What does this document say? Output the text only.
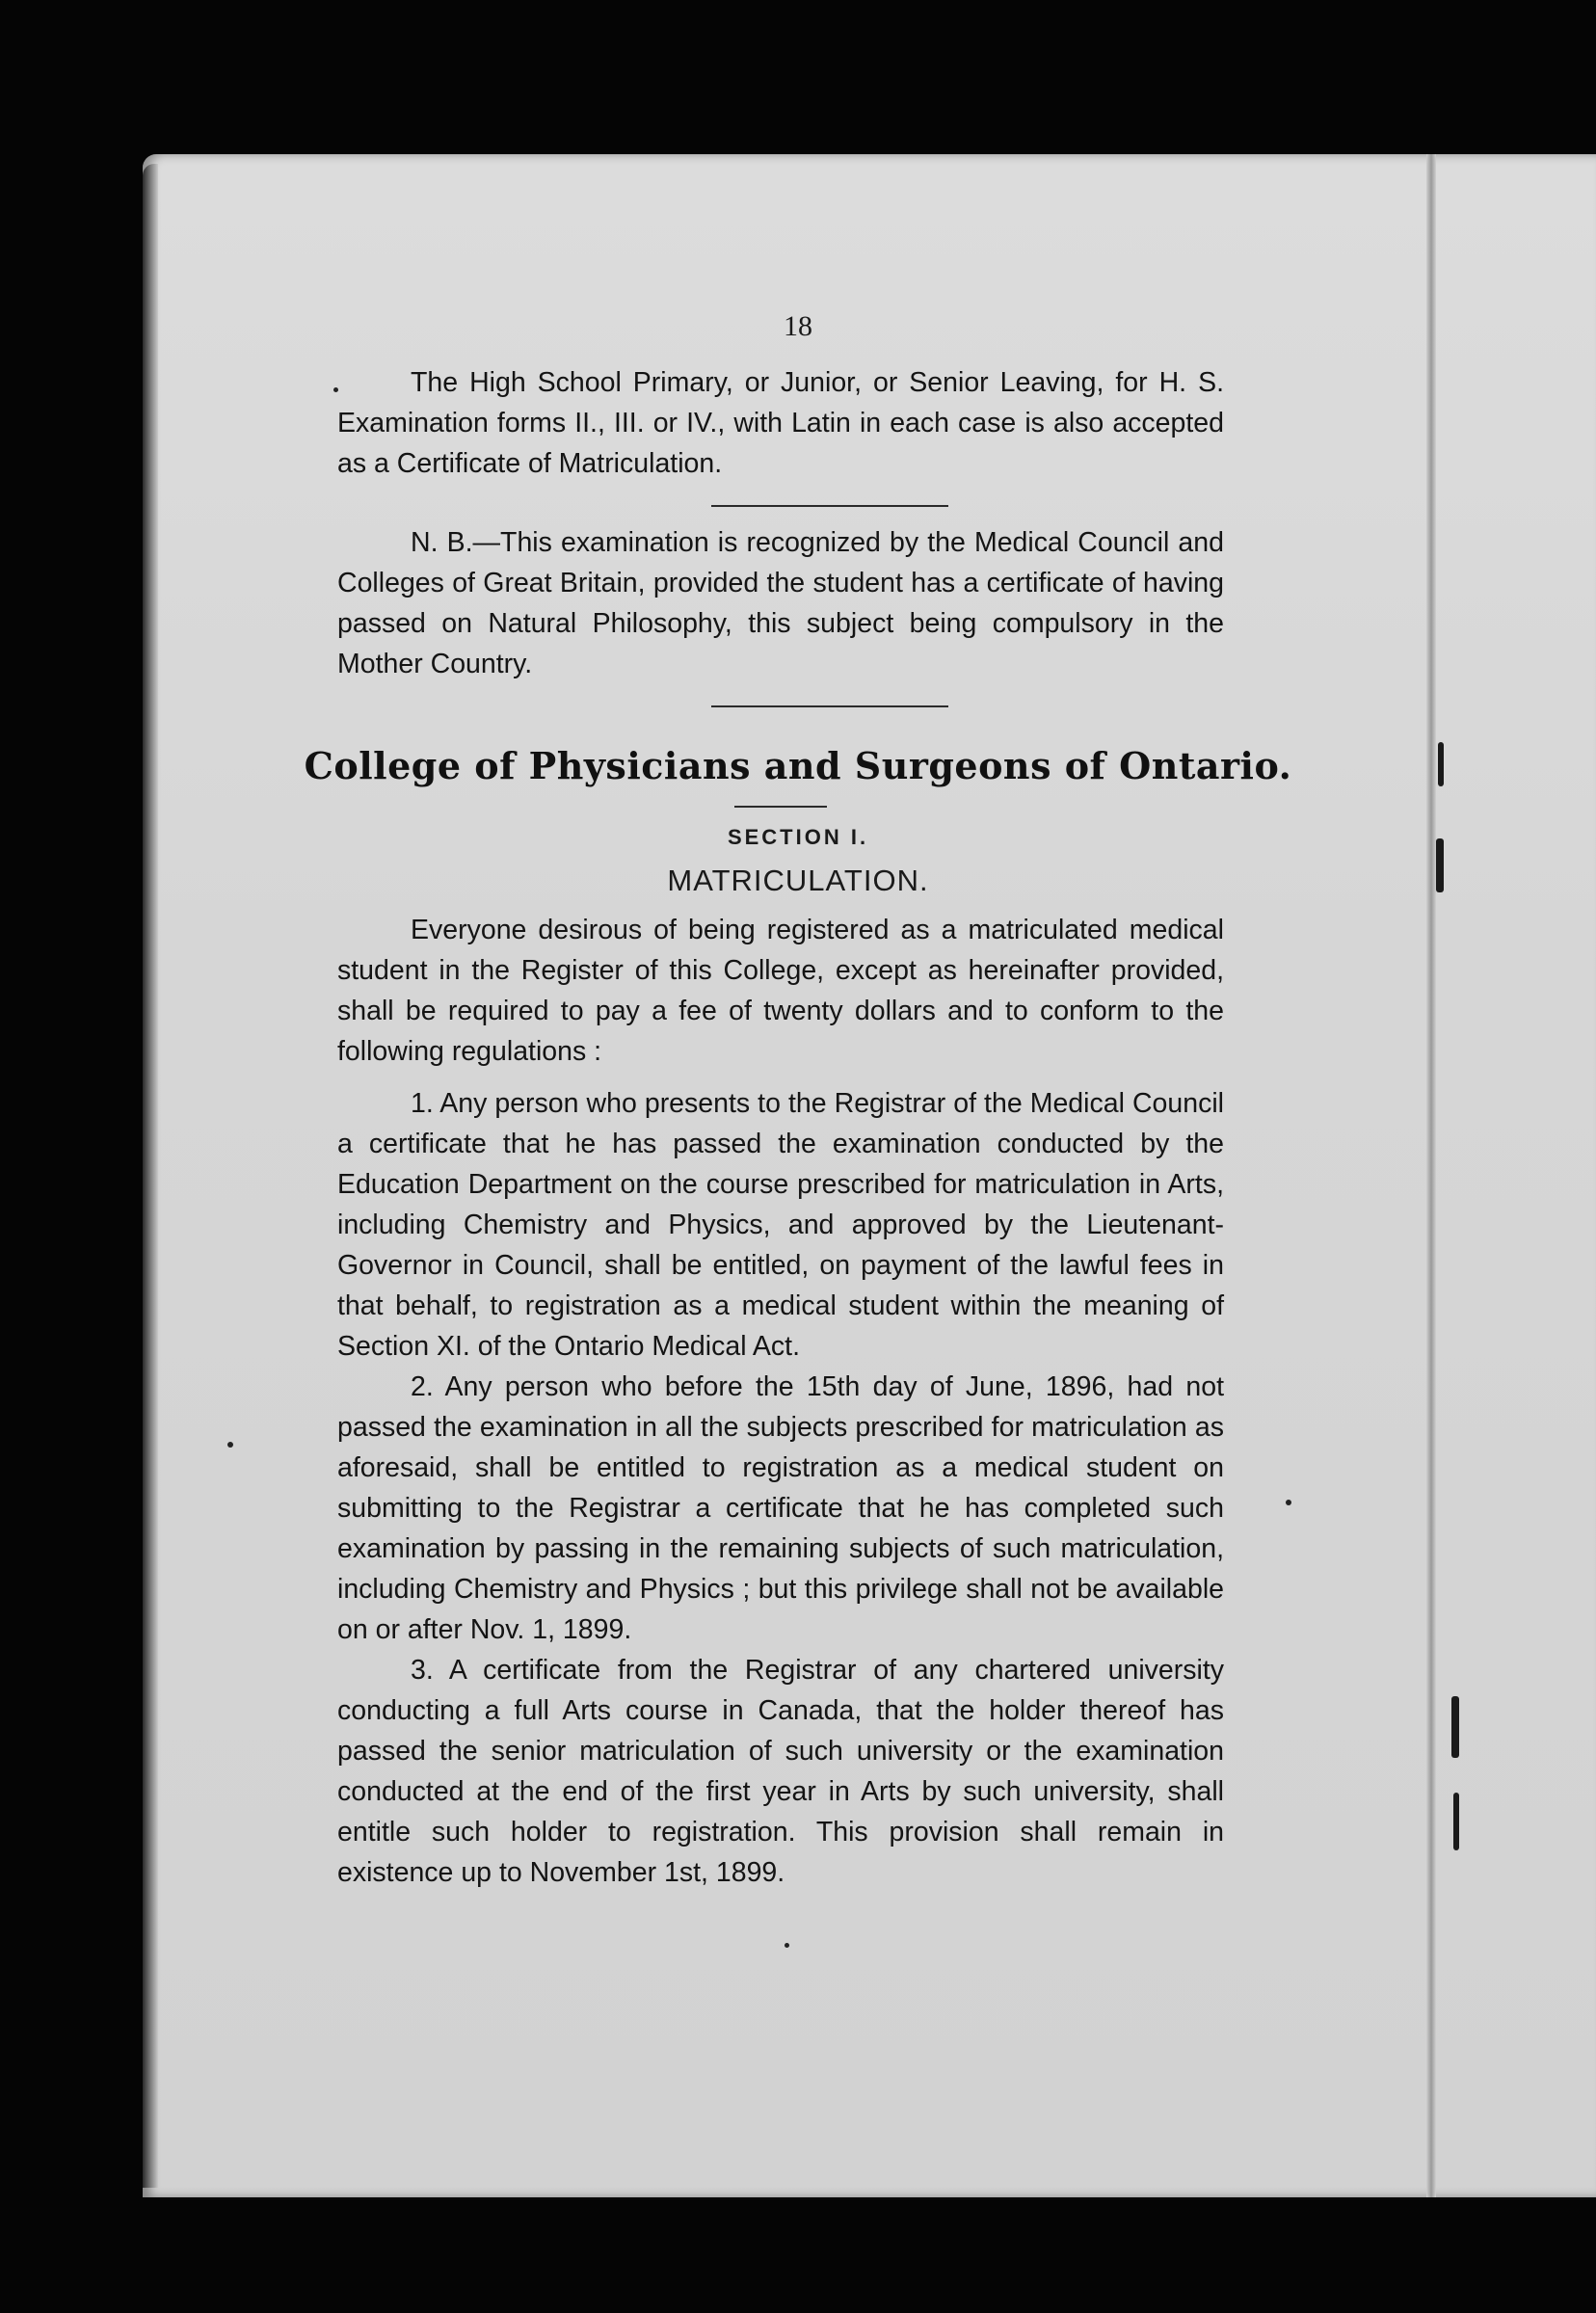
18

The High School Primary, or Junior, or Senior Leaving, for H. S. Examination forms II., III. or IV., with Latin in each case is also accepted as a Certificate of Matriculation.

N. B.—This examination is recognized by the Medical Council and Colleges of Great Britain, provided the student has a certificate of having passed on Natural Philosophy, this subject being compulsory in the Mother Country.

College of Physicians and Surgeons of Ontario.
SECTION I.
MATRICULATION.

Everyone desirous of being registered as a matriculated medical student in the Register of this College, except as hereinafter provided, shall be required to pay a fee of twenty dollars and to conform to the following regulations :

1. Any person who presents to the Registrar of the Medical Council a certificate that he has passed the examination conducted by the Education Department on the course prescribed for matriculation in Arts, including Chemistry and Physics, and approved by the Lieutenant-Governor in Council, shall be entitled, on payment of the lawful fees in that behalf, to registration as a medical student within the meaning of Section XI. of the Ontario Medical Act.

2. Any person who before the 15th day of June, 1896, had not passed the examination in all the subjects prescribed for matriculation as aforesaid, shall be entitled to registration as a medical student on submitting to the Registrar a certificate that he has completed such examination by passing in the remaining subjects of such matriculation, including Chemistry and Physics ; but this privilege shall not be available on or after Nov. 1, 1899.

3. A certificate from the Registrar of any chartered university conducting a full Arts course in Canada, that the holder thereof has passed the senior matriculation of such university or the examination conducted at the end of the first year in Arts by such university, shall entitle such holder to registration. This provision shall remain in existence up to November 1st, 1899.
